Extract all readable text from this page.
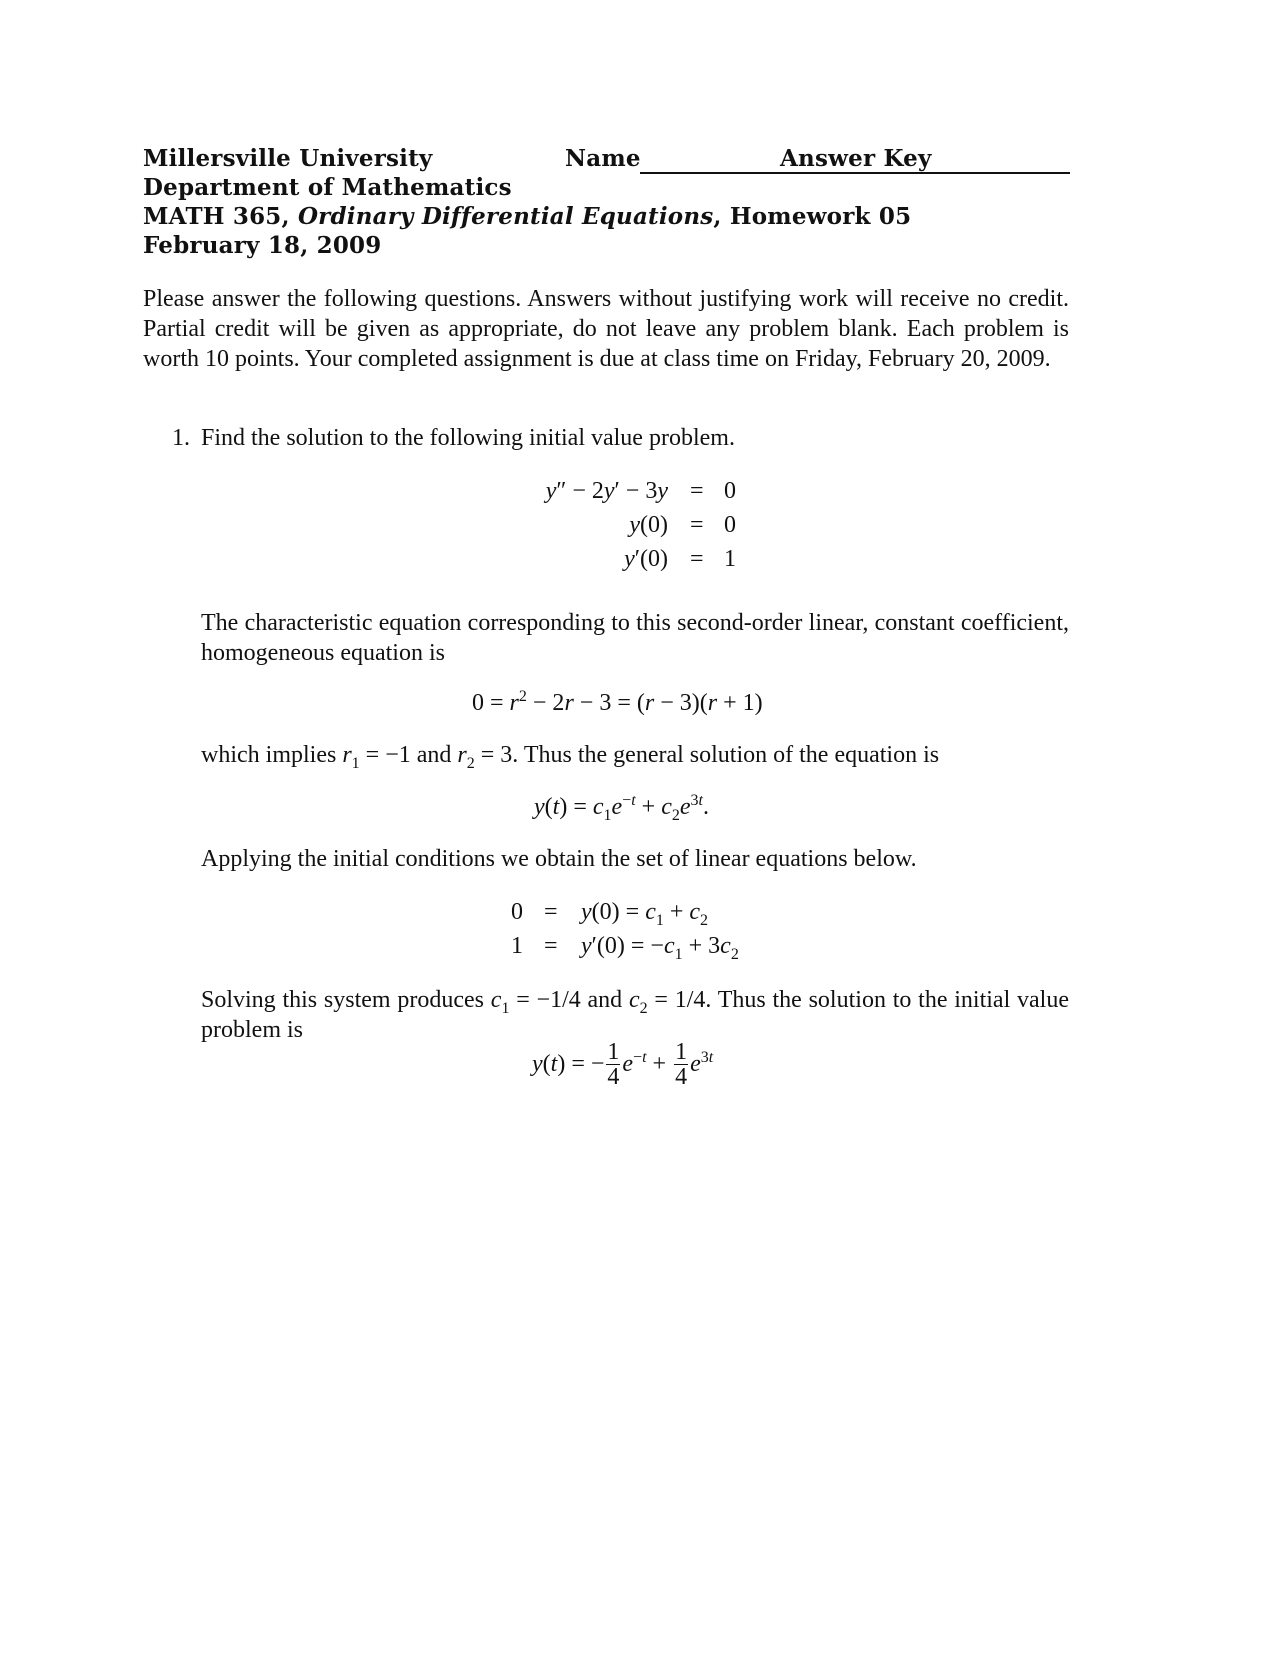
Millersville University	Name	Answer Key
Department of Mathematics
MATH 365, Ordinary Differential Equations, Homework 05
February 18, 2009
Please answer the following questions. Answers without justifying work will receive no credit. Partial credit will be given as appropriate, do not leave any problem blank. Each problem is worth 10 points. Your completed assignment is due at class time on Friday, February 20, 2009.
1. Find the solution to the following initial value problem.
y″ − 2y′ − 3y = 0
y(0) = 0
y′(0) = 1
The characteristic equation corresponding to this second-order linear, constant coefficient, homogeneous equation is
$0 = r^2 - 2r - 3 = (r - 3)(r + 1)$
which implies $r_1 = -1$ and $r_2 = 3$. Thus the general solution of the equation is
$y(t) = c_1e^{-t} + c_2e^{3t}$.
Applying the initial conditions we obtain the set of linear equations below.
$0 = y(0) = c_1 + c_2$
$1 = y'(0) = -c_1 + 3c_2$
Solving this system produces $c_1 = -1/4$ and $c_2 = 1/4$. Thus the solution to the initial value problem is
y(t) = − $\frac{1}{4} e^{-t} + \frac{1}{4} e^{3t}$
